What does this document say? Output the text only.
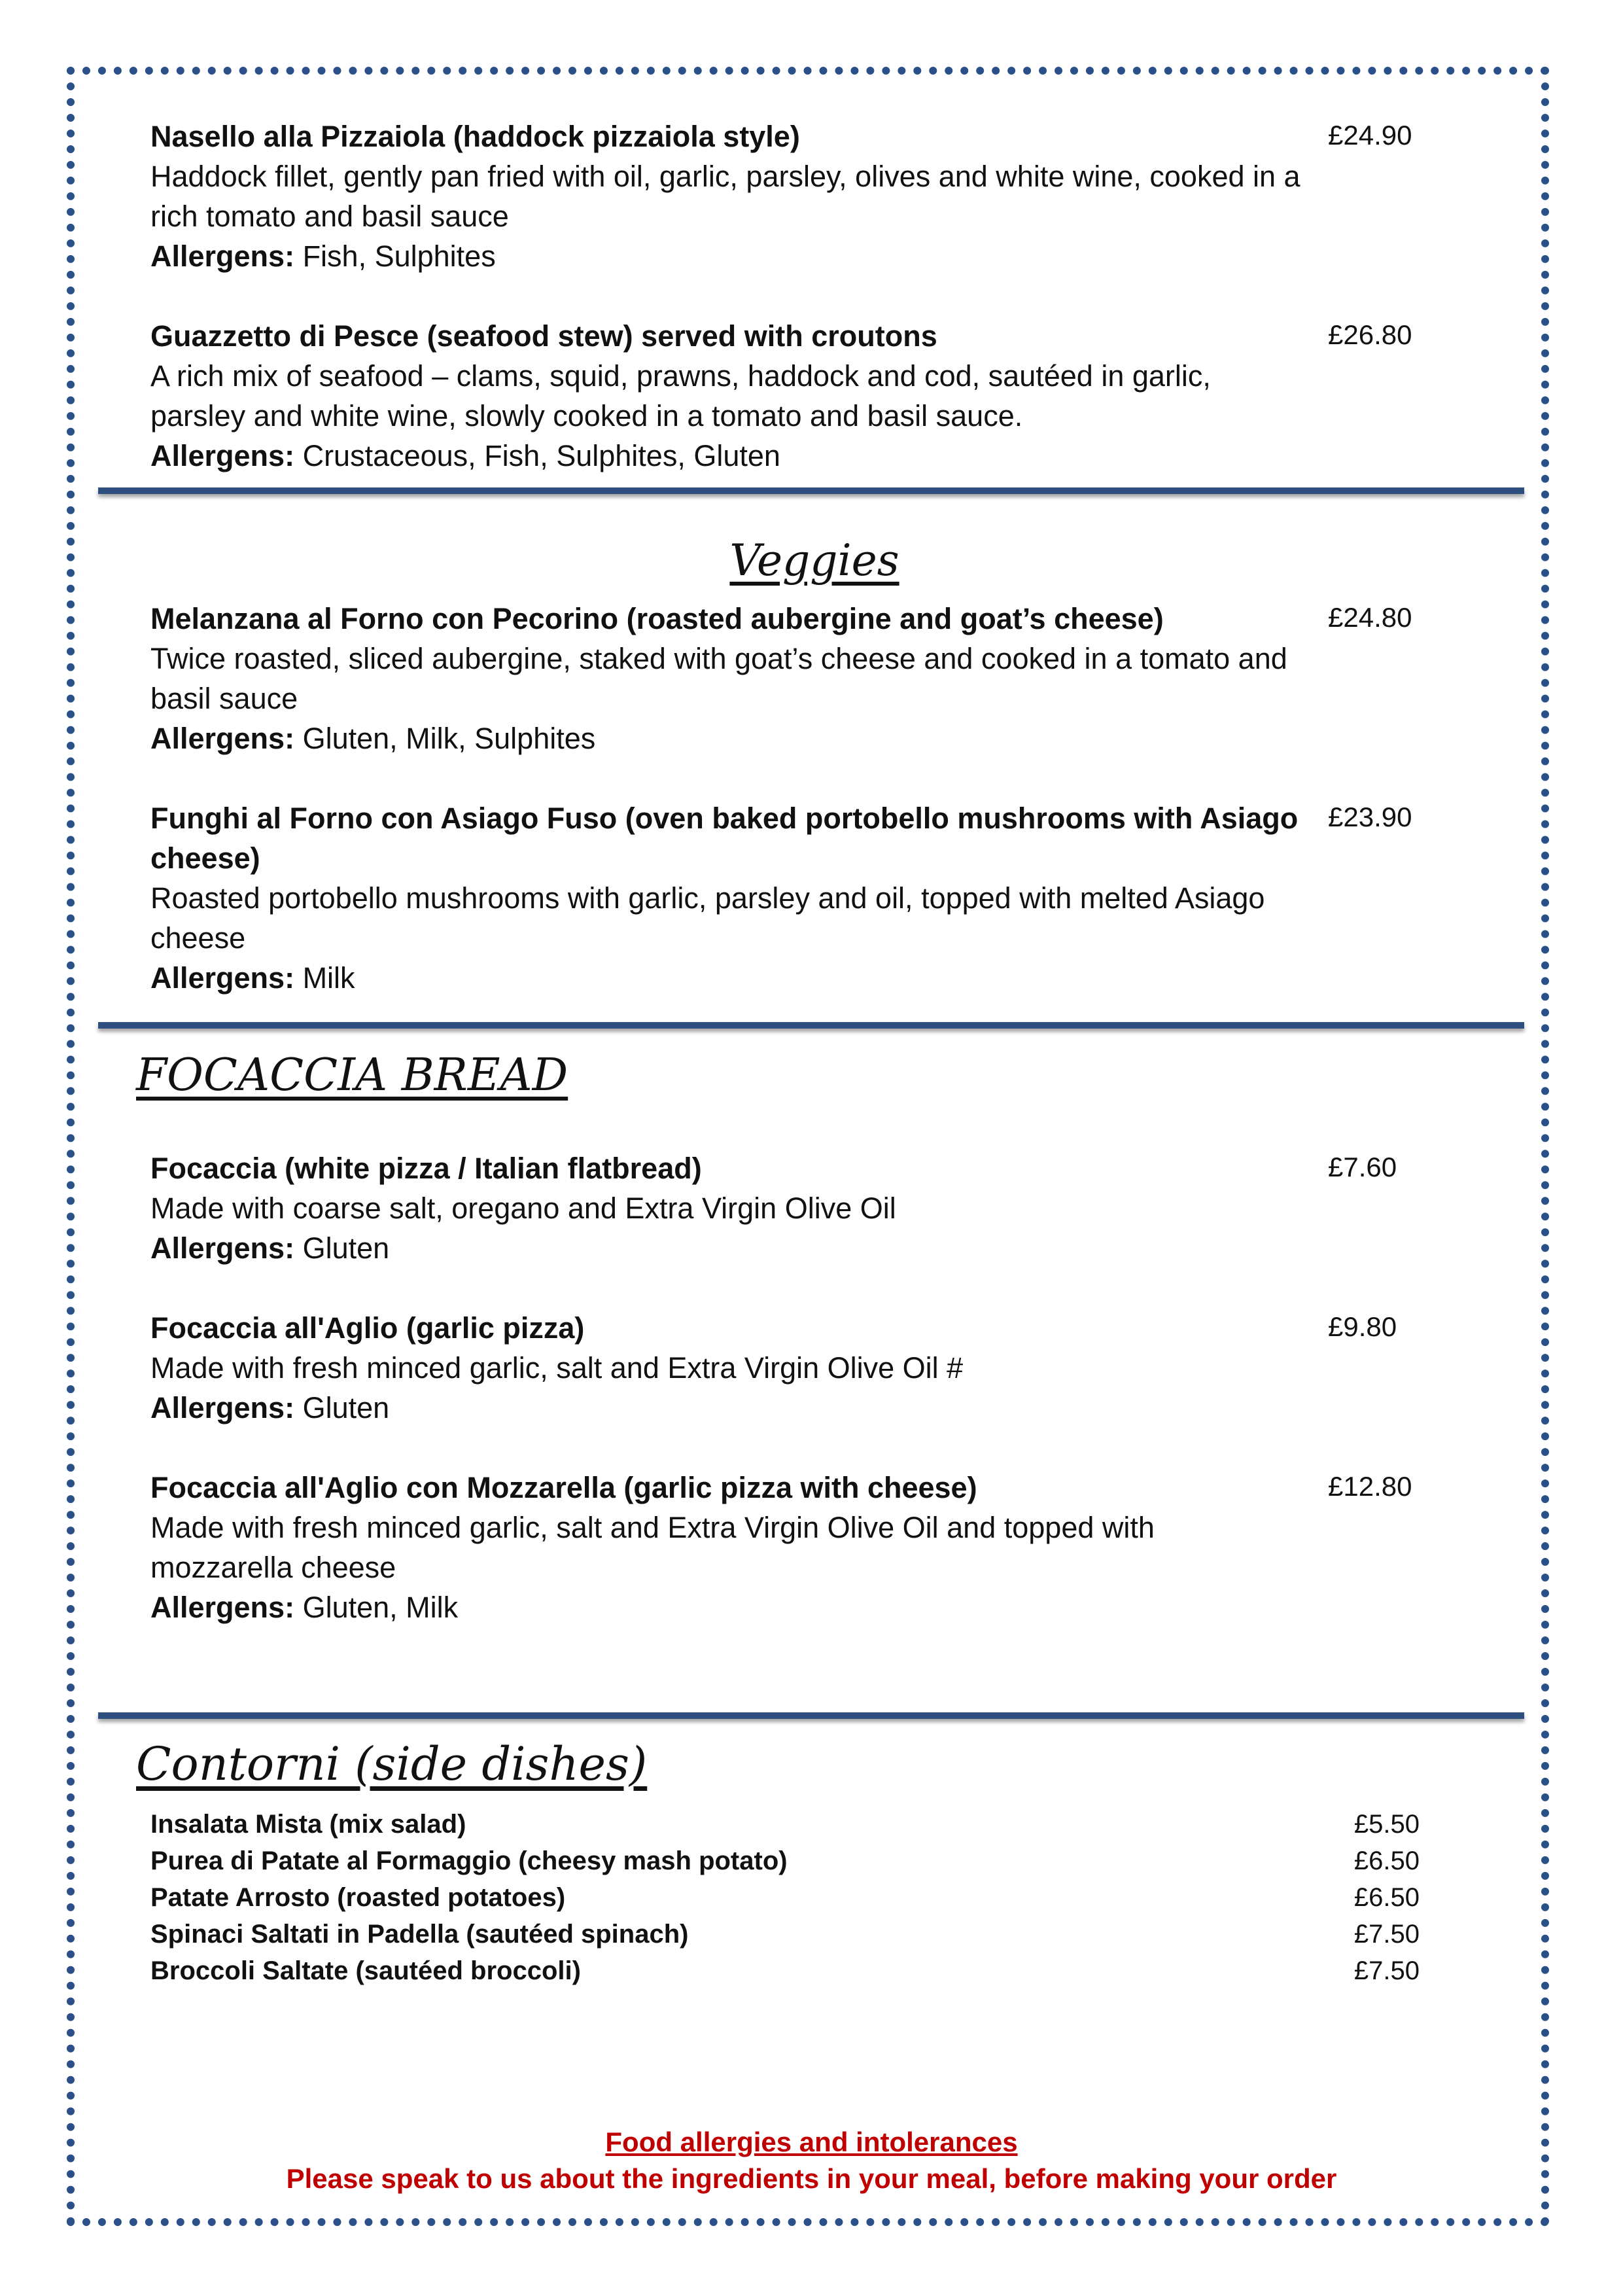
Nasello alla Pizzaiola (haddock pizzaiola style)

Haddock fillet, gently pan fried with oil, garlic, parsley, olives and white wine, cooked in a rich tomato and basil sauce

Allergens: Fish, Sulphites

£24.90

Guazzetto di Pesce (seafood stew) served with croutons

A rich mix of seafood – clams, squid, prawns, haddock and cod, sautéed in garlic, parsley and white wine, slowly cooked in a tomato and basil sauce.

Allergens: Crustaceous, Fish, Sulphites, Gluten

£26.80
Veggies

Melanzana al Forno con Pecorino (roasted aubergine and goat’s cheese)

Twice roasted, sliced aubergine, staked with goat’s cheese and cooked in a tomato and basil sauce

Allergens: Gluten, Milk, Sulphites

£24.80

Funghi al Forno con Asiago Fuso (oven baked portobello mushrooms with Asiago cheese)

Roasted portobello mushrooms with garlic, parsley and oil, topped with melted Asiago cheese

Allergens: Milk

£23.90
FOCACCIA BREAD

Focaccia (white pizza / Italian flatbread)

Made with coarse salt, oregano and Extra Virgin Olive Oil

Allergens: Gluten

£7.60

Focaccia all'Aglio (garlic pizza)

Made with fresh minced garlic, salt and Extra Virgin Olive Oil #

Allergens: Gluten

£9.80

Focaccia all'Aglio con Mozzarella (garlic pizza with cheese)

Made with fresh minced garlic, salt and Extra Virgin Olive Oil and topped with mozzarella cheese

Allergens: Gluten, Milk

£12.80
Contorni (side dishes)
Insalata Mista (mix salad)	£5.50
Purea di Patate al Formaggio (cheesy mash potato)	£6.50
Patate Arrosto (roasted potatoes)	£6.50
Spinaci Saltati in Padella (sautéed spinach)	£7.50
Broccoli Saltate (sautéed broccoli)	£7.50
Food allergies and intolerances
Please speak to us about the ingredients in your meal, before making your order
